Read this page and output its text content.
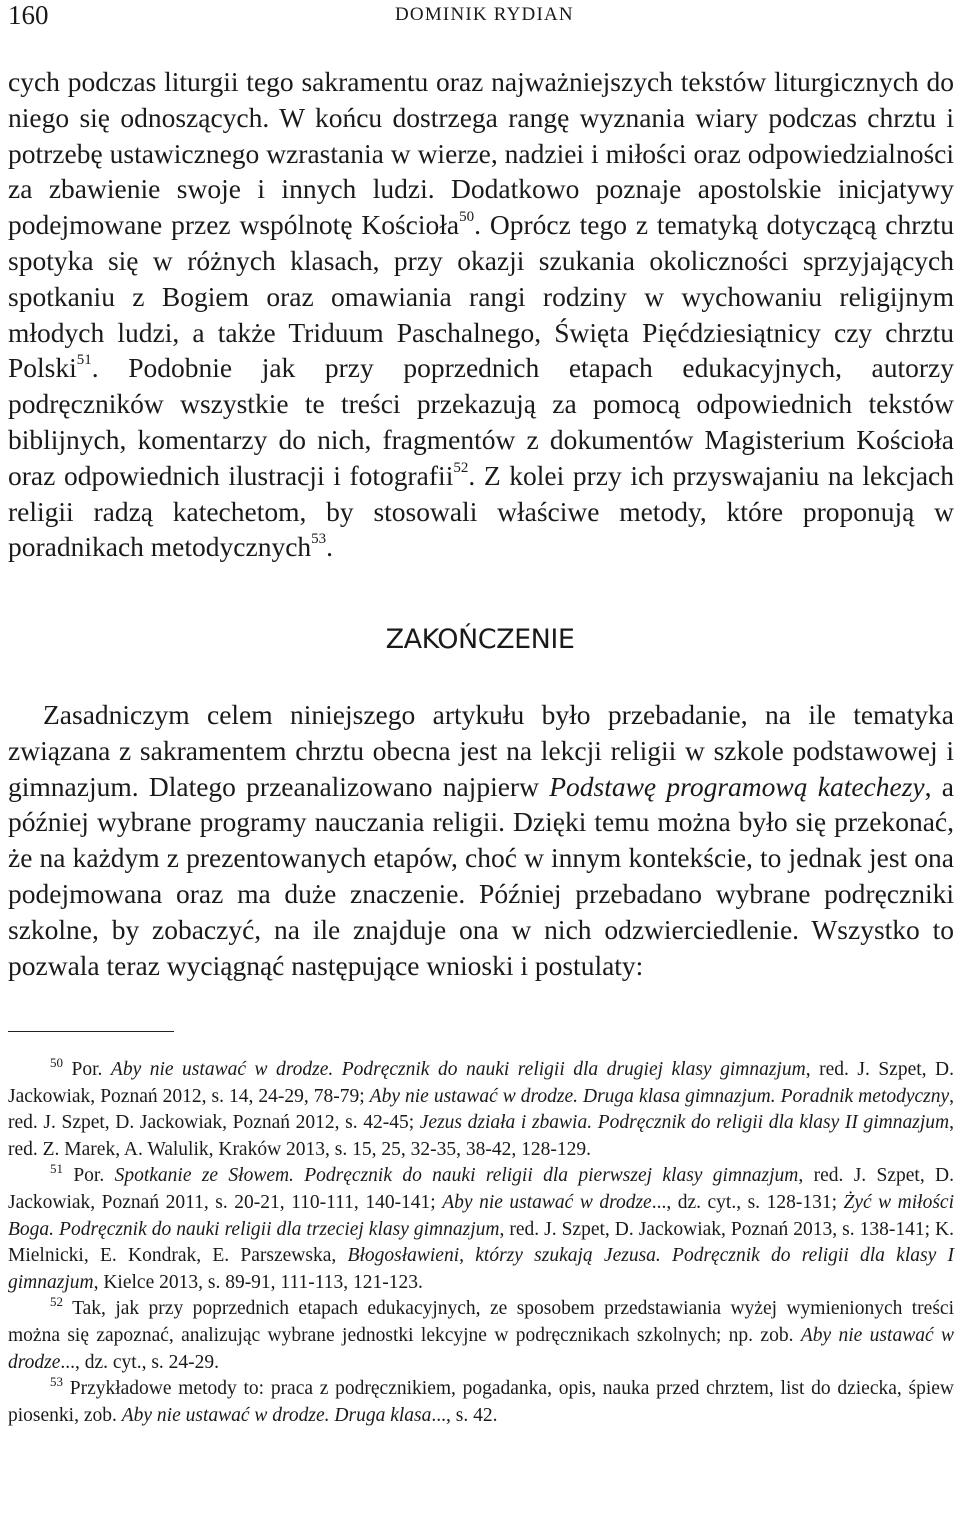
160	DOMINIK RYDIAN

cych podczas liturgii tego sakramentu oraz najważniejszych tekstów liturgicznych do niego się odnoszących. W końcu dostrzega rangę wyznania wiary podczas chrztu i potrzebę ustawicznego wzrastania w wierze, nadziei i miłości oraz odpowiedzialności za zbawienie swoje i innych ludzi. Dodatkowo poznaje apostolskie inicjatywy podejmowane przez wspólnotę Kościoła$^{50}$. Oprócz tego z tematyką dotyczącą chrztu spotyka się w różnych klasach, przy okazji szukania okoliczności sprzyjających spotkaniu z Bogiem oraz omawiania rangi rodziny w wychowaniu religijnym młodych ludzi, a także Triduum Paschalnego, Święta Pięćdziesiątnicy czy chrztu Polski$^{51}$. Podobnie jak przy poprzednich etapach edukacyjnych, autorzy podręczników wszystkie te treści przekazują za pomocą odpowiednich tekstów biblijnych, komentarzy do nich, fragmentów z dokumentów Magisterium Kościoła oraz odpowiednich ilustracji i fotografii$^{52}$. Z kolei przy ich przyswajaniu na lekcjach religii radzą katechetom, by stosowali właściwe metody, które proponują w poradnikach metodycznych$^{53}$.

ZAKOŃCZENIE

Zasadniczym celem niniejszego artykułu było przebadanie, na ile tematyka związana z sakramentem chrztu obecna jest na lekcji religii w szkole podstawowej i gimnazjum. Dlatego przeanalizowano najpierw Podstawę programową katechezy, a później wybrane programy nauczania religii. Dzięki temu można było się przekonać, że na każdym z prezentowanych etapów, choć w innym kontekście, to jednak jest ona podejmowana oraz ma duże znaczenie. Później przebadano wybrane podręczniki szkolne, by zobaczyć, na ile znajduje ona w nich odzwierciedlenie. Wszystko to pozwala teraz wyciągnąć następujące wnioski i postulaty:

$^{50}$ Por. Aby nie ustawać w drodze. Podręcznik do nauki religii dla drugiej klasy gimnazjum, red. J. Szpet, D. Jackowiak, Poznań 2012, s. 14, 24-29, 78-79; Aby nie ustawać w drodze. Druga klasa gimnazjum. Poradnik metodyczny, red. J. Szpet, D. Jackowiak, Poznań 2012, s. 42-45; Jezus działa i zbawia. Podręcznik do religii dla klasy II gimnazjum, red. Z. Marek, A. Walulik, Kraków 2013, s. 15, 25, 32-35, 38-42, 128-129.

$^{51}$ Por. Spotkanie ze Słowem. Podręcznik do nauki religii dla pierwszej klasy gimnazjum, red. J. Szpet, D. Jackowiak, Poznań 2011, s. 20-21, 110-111, 140-141; Aby nie ustawać w drodze..., dz. cyt., s. 128-131; Żyć w miłości Boga. Podręcznik do nauki religii dla trzeciej klasy gimnazjum, red. J. Szpet, D. Jackowiak, Poznań 2013, s. 138-141; K. Mielnicki, E. Kondrak, E. Parszewska, Błogosławieni, którzy szukają Jezusa. Podręcznik do religii dla klasy I gimnazjum, Kielce 2013, s. 89-91, 111-113, 121-123.

$^{52}$ Tak, jak przy poprzednich etapach edukacyjnych, ze sposobem przedstawiania wyżej wymienionych treści można się zapoznać, analizując wybrane jednostki lekcyjne w podręcznikach szkolnych; np. zob. Aby nie ustawać w drodze..., dz. cyt., s. 24-29.

$^{53}$ Przykładowe metody to: praca z podręcznikiem, pogadanka, opis, nauka przed chrztem, list do dziecka, śpiew piosenki, zob. Aby nie ustawać w drodze. Druga klasa..., s. 42.
